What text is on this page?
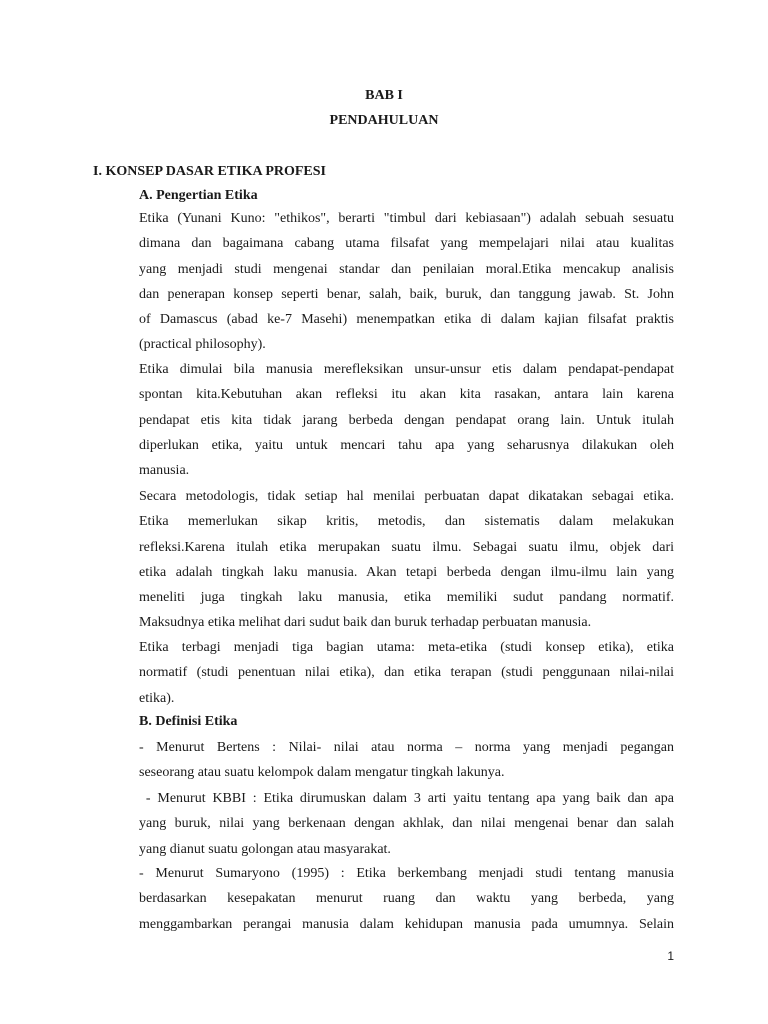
BAB I
PENDAHULUAN
I. KONSEP DASAR ETIKA PROFESI
A. Pengertian Etika
Etika (Yunani Kuno: "ethikos", berarti "timbul dari kebiasaan") adalah sebuah sesuatu
dimana dan bagaimana cabang utama filsafat yang mempelajari nilai atau kualitas
yang menjadi studi mengenai standar dan penilaian moral.Etika mencakup analisis
dan penerapan konsep seperti benar, salah, baik, buruk, dan tanggung jawab. St. John
of Damascus (abad ke-7 Masehi) menempatkan etika di dalam kajian filsafat praktis
(practical philosophy).
Etika dimulai bila manusia merefleksikan unsur-unsur etis dalam pendapat-pendapat
spontan kita.Kebutuhan akan refleksi itu akan kita rasakan, antara lain karena
pendapat etis kita tidak jarang berbeda dengan pendapat orang lain. Untuk itulah
diperlukan etika, yaitu untuk mencari tahu apa yang seharusnya dilakukan oleh
manusia.
Secara metodologis, tidak setiap hal menilai perbuatan dapat dikatakan sebagai etika.
Etika memerlukan sikap kritis, metodis, dan sistematis dalam melakukan
refleksi.Karena itulah etika merupakan suatu ilmu. Sebagai suatu ilmu, objek dari
etika adalah tingkah laku manusia. Akan tetapi berbeda dengan ilmu-ilmu lain yang
meneliti juga tingkah laku manusia, etika memiliki sudut pandang normatif.
Maksudnya etika melihat dari sudut baik dan buruk terhadap perbuatan manusia.
Etika terbagi menjadi tiga bagian utama: meta-etika (studi konsep etika), etika
normatif (studi penentuan nilai etika), dan etika terapan (studi penggunaan nilai-nilai
etika).
B. Definisi Etika
- Menurut Bertens : Nilai- nilai atau norma – norma yang menjadi pegangan
seseorang atau suatu kelompok dalam mengatur tingkah lakunya.
- Menurut KBBI : Etika dirumuskan dalam 3 arti yaitu tentang apa yang baik dan apa
yang buruk, nilai yang berkenaan dengan akhlak, dan nilai mengenai benar dan salah
yang dianut suatu golongan atau masyarakat.
- Menurut Sumaryono (1995) : Etika berkembang menjadi studi tentang manusia
berdasarkan kesepakatan menurut ruang dan waktu yang berbeda, yang
menggambarkan perangai manusia dalam kehidupan manusia pada umumnya. Selain
1
